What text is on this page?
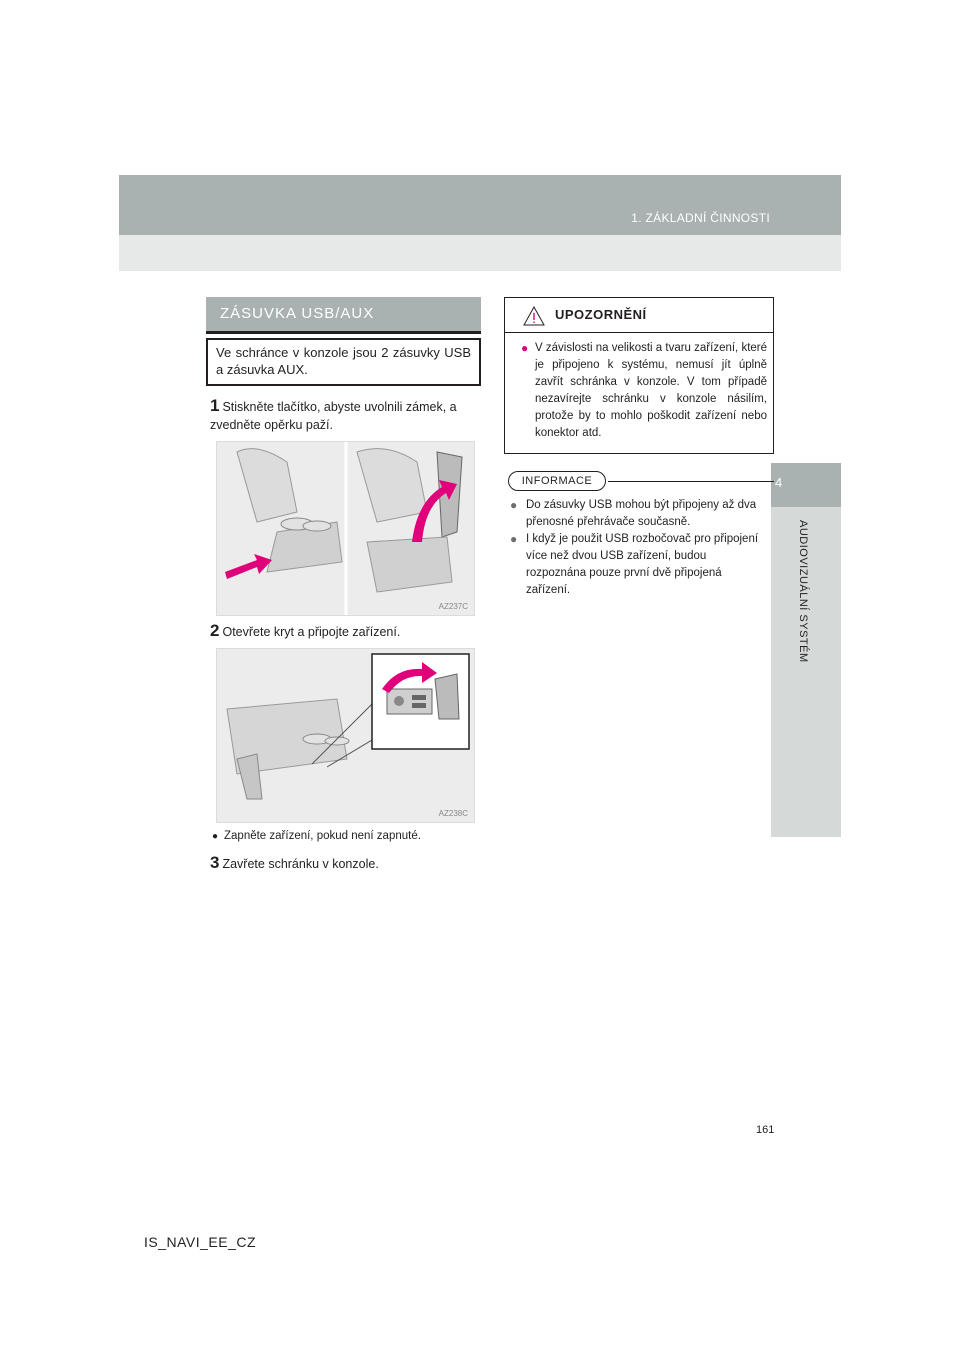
1. ZÁKLADNÍ ČINNOSTI
4
AUDIOVIZUÁLNÍ SYSTÉM
ZÁSUVKA USB/AUX
Ve schránce v konzole jsou 2 zásuvky USB a zásuvka AUX.
1 Stiskněte tlačítko, abyste uvolnili zámek, a zvedněte opěrku paží.
AZ237C
2 Otevřete kryt a připojte zařízení.
AZ238C
● Zapněte zařízení, pokud není zapnuté.
3 Zavřete schránku v konzole.
UPOZORNĚNÍ
● V závislosti na velikosti a tvaru zařízení, které je připojeno k systému, nemusí jít úplně zavřít schránka v konzole. V tom případě nezavírejte schránku v konzole násilím, protože by to mohlo poškodit zařízení nebo konektor atd.
INFORMACE
● Do zásuvky USB mohou být připojeny až dva přenosné přehrávače současně.
● I když je použit USB rozbočovač pro připojení více než dvou USB zařízení, budou rozpoznána pouze první dvě připojená zařízení.
161
IS_NAVI_EE_CZ
